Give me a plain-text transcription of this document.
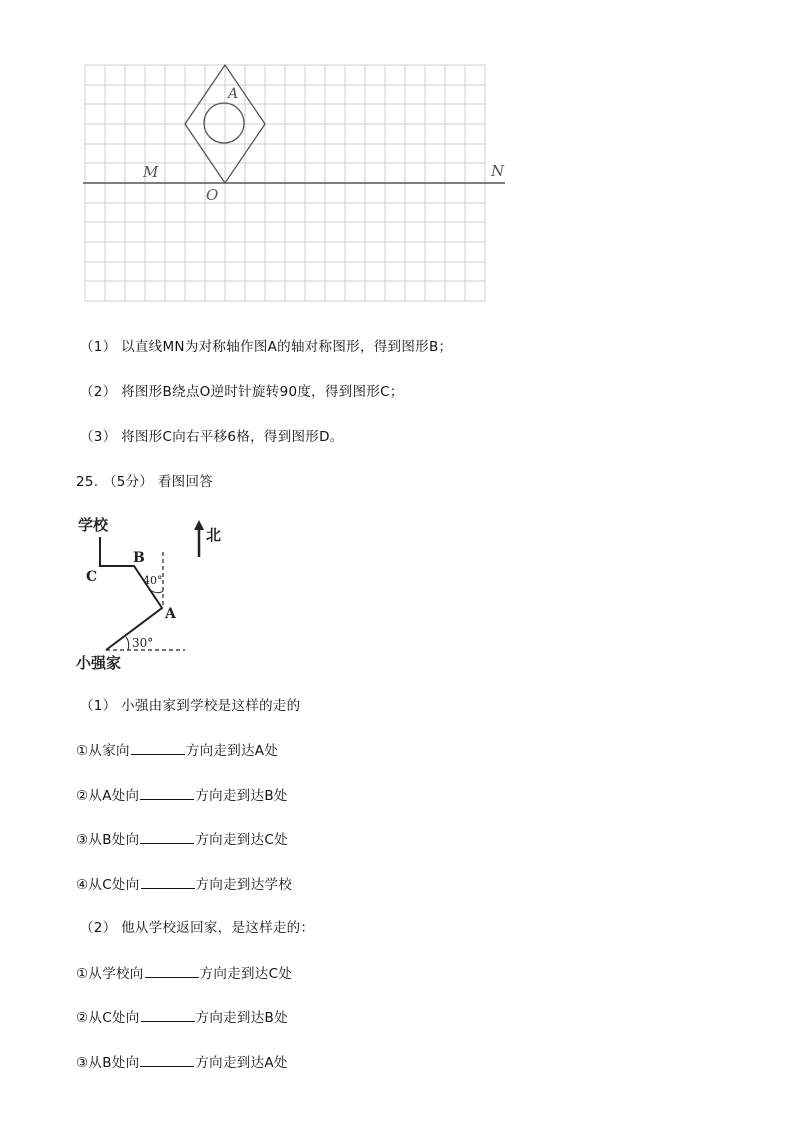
A
M	N
O
（1） 以直线MN为对称轴作图A的轴对称图形，得到图形B；
（2） 将图形B绕点O逆时针旋转90度，得到图形C；
（3） 将图形C向右平移6格，得到图形D。
25. （5分） 看图回答
学校
B
C
A
40°
30°
小强家
北
（1） 小强由家到学校是这样的走的
①从家向	方向走到达A处
②从A处向	方向走到达B处
③从B处向	方向走到达C处
④从C处向	方向走到达学校
（2） 他从学校返回家，是这样走的：
①从学校向	方向走到达C处
②从C处向	方向走到达B处
③从B处向	方向走到达A处
